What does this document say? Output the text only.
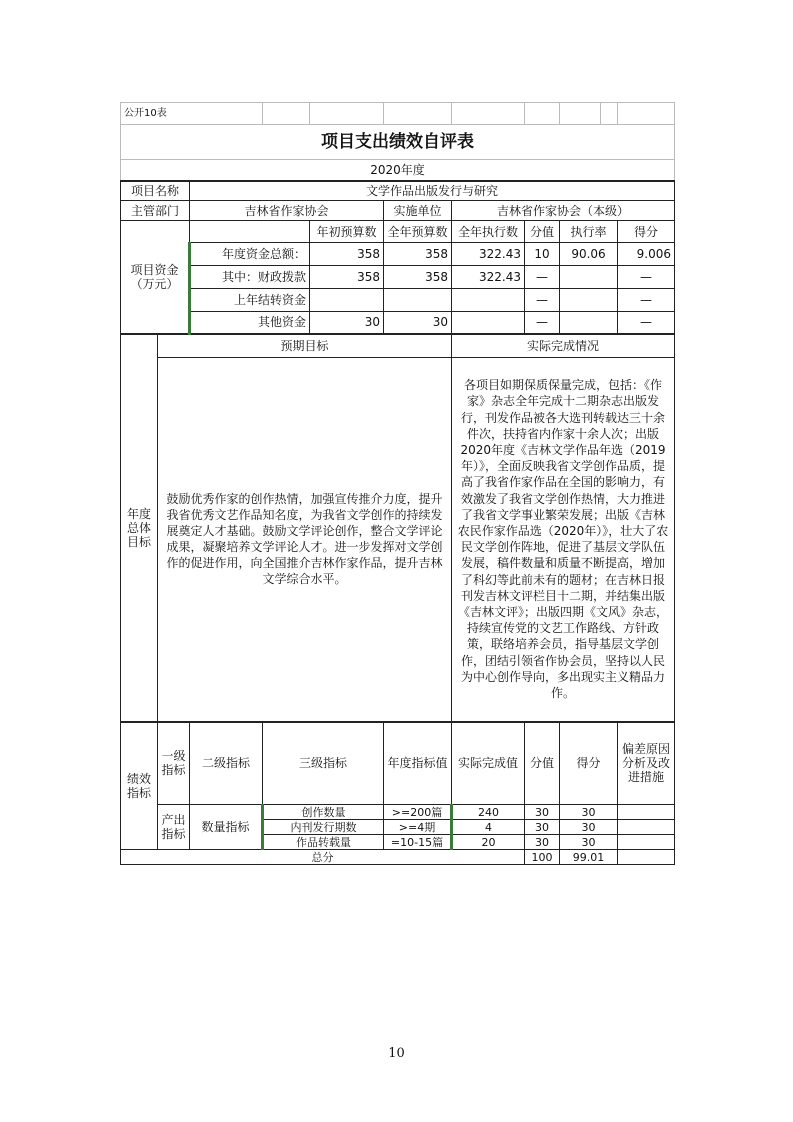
公开10表										
项目支出绩效自评表										
2020年度										
项目名称		文学作品出版发行与研究								
主管部门		吉林省作家协会			实施单位	吉林省作家协会（本级）				
项目资金（万元）				年初预算数	全年预算数	全年执行数	分值	执行率		得分
		年度资金总额：		358	358	322.43	10	90.06		9.006
		其中：财政拨款		358	358	322.43	—			—
		上年结转资金					—			—
		其他资金		30	30		—			—
年度总体目标	预期目标					实际完成情况				
	鼓励优秀作家的创作热情，加强宣传推介力度，提升我省优秀文艺作品知名度，为我省文学创作的持续发展奠定人才基础。鼓励文学评论创作，整合文学评论成果，凝聚培养文学评论人才。进一步发挥对文学创作的促进作用，向全国推介吉林作家作品，提升吉林文学综合水平。					各项目如期保质保量完成，包括：《作家》杂志全年完成十二期杂志出版发行，刊发作品被各大选刊转载达三十余件次，扶持省内作家十余人次；出版2020年度《吉林文学作品年选（2019年）》，全面反映我省文学创作品质，提高了我省作家作品在全国的影响力，有效激发了我省文学创作热情，大力推进了我省文学事业繁荣发展；出版《吉林农民作家作品选（2020年）》，壮大了农民文学创作阵地，促进了基层文学队伍发展，稿件数量和质量不断提高，增加了科幻等此前未有的题材；在吉林日报刊发吉林文评栏目十二期，并结集出版《吉林文评》；出版四期《文风》杂志，持续宣传党的文艺工作路线、方针政策，联络培养会员，指导基层文学创作，团结引领省作协会员，坚持以人民为中心创作导向，多出现实主义精品力作。				
绩效指标	一级指标	二级指标	三级指标		年度指标值	实际完成值	分值	得分		偏差原因分析及改进措施
	产出指标	数量指标	创作数量		>=200篇	240	30	30		
			内刊发行期数		>=4期	4	30	30		
			作品转载量		=10-15篇	20	30	30		
总分							100	99.01		
10
